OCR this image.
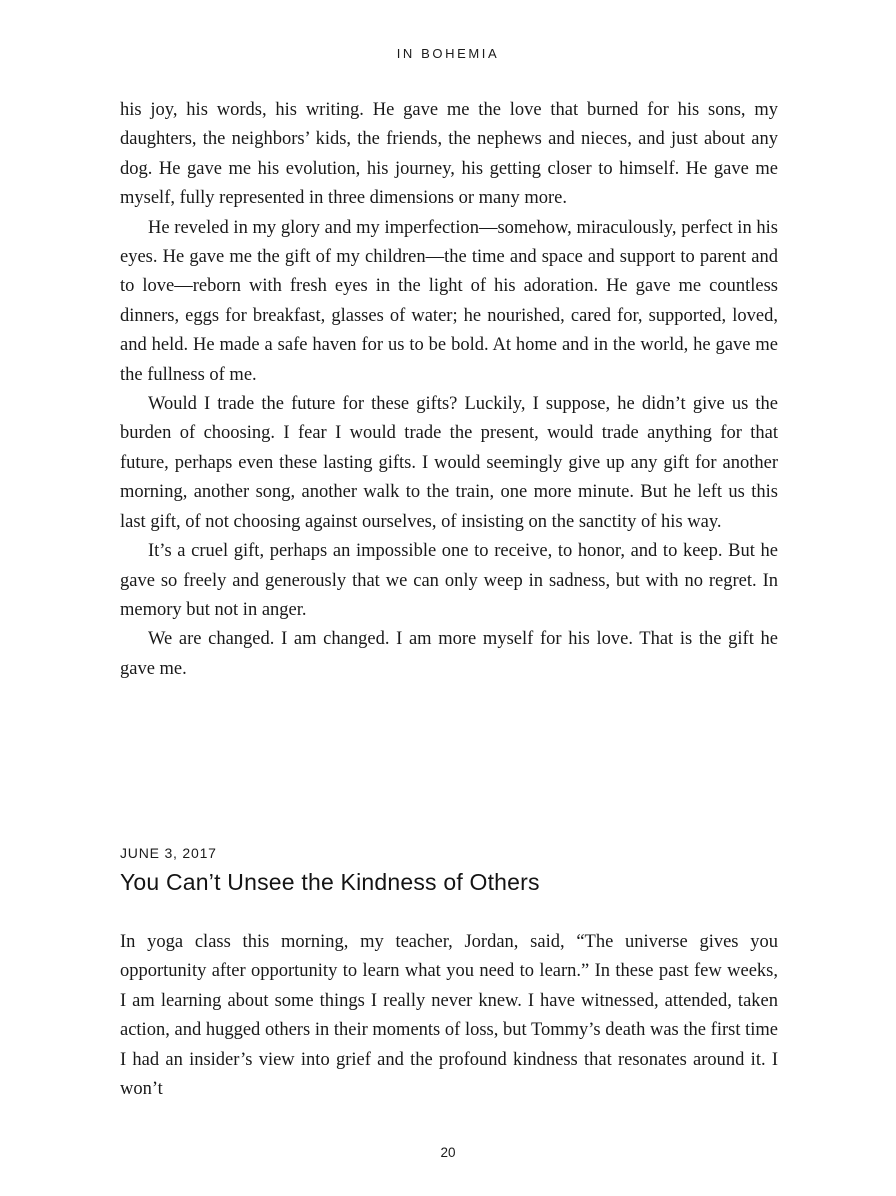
IN BOHEMIA

his joy, his words, his writing. He gave me the love that burned for his sons, my daughters, the neighbors’ kids, the friends, the nephews and nieces, and just about any dog. He gave me his evolution, his journey, his getting closer to himself. He gave me myself, fully represented in three dimensions or many more.

He reveled in my glory and my imperfection—somehow, miraculously, perfect in his eyes. He gave me the gift of my children—the time and space and support to parent and to love—reborn with fresh eyes in the light of his adoration. He gave me countless dinners, eggs for breakfast, glasses of water; he nourished, cared for, supported, loved, and held. He made a safe haven for us to be bold. At home and in the world, he gave me the fullness of me.

Would I trade the future for these gifts? Luckily, I suppose, he didn’t give us the burden of choosing. I fear I would trade the present, would trade anything for that future, perhaps even these lasting gifts. I would seemingly give up any gift for another morning, another song, another walk to the train, one more minute. But he left us this last gift, of not choosing against ourselves, of insisting on the sanctity of his way.

It’s a cruel gift, perhaps an impossible one to receive, to honor, and to keep. But he gave so freely and generously that we can only weep in sadness, but with no regret. In memory but not in anger.

We are changed. I am changed. I am more myself for his love. That is the gift he gave me.

JUNE 3, 2017
You Can’t Unsee the Kindness of Others

In yoga class this morning, my teacher, Jordan, said, “The universe gives you opportunity after opportunity to learn what you need to learn.” In these past few weeks, I am learning about some things I really never knew. I have witnessed, attended, taken action, and hugged others in their moments of loss, but Tommy’s death was the first time I had an insider’s view into grief and the profound kindness that resonates around it. I won’t

20
